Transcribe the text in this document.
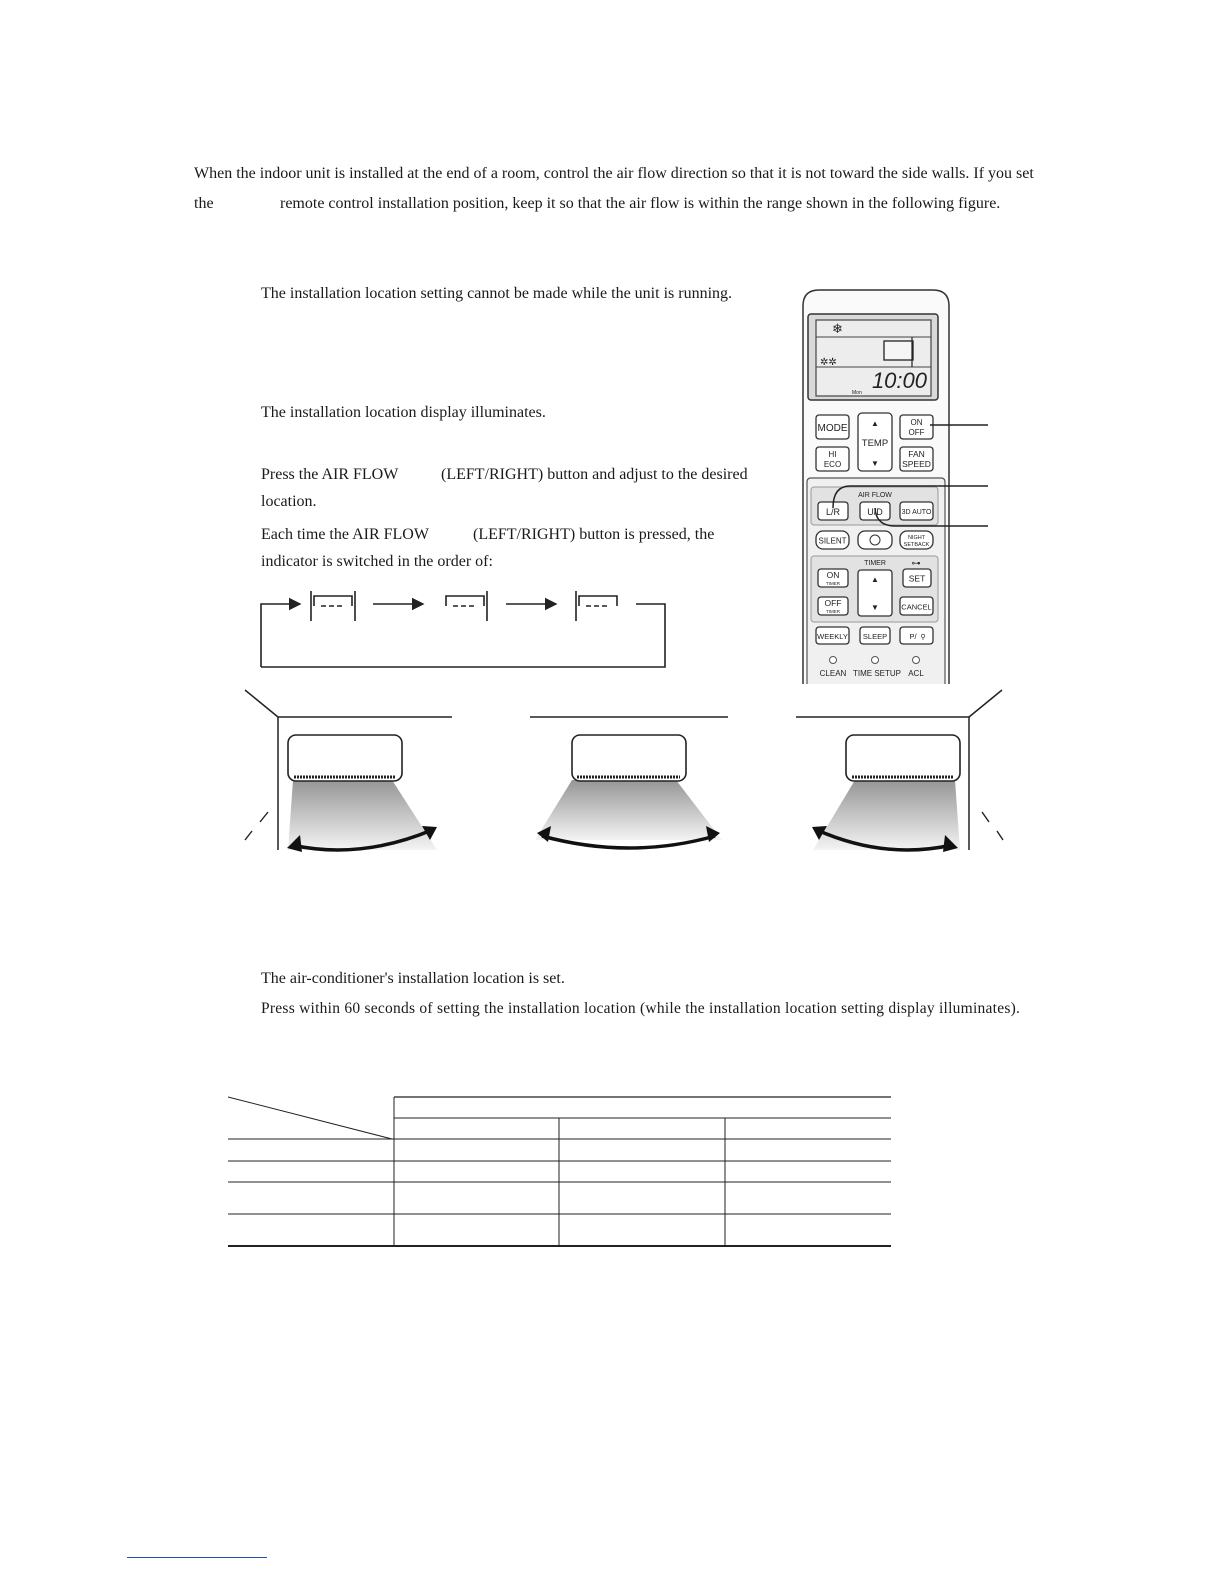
When the indoor unit is installed at the end of a room, control the air flow direction so that it is not toward the side walls. If you set
the	remote control installation position, keep it so that the air flow is within the range shown in the following figure.
The installation location setting cannot be made while the unit is running.
The installation location display illuminates.
Press the AIR FLOW	(LEFT/RIGHT) button and adjust to the desired
location.
Each time the AIR FLOW	(LEFT/RIGHT) button is pressed, the
indicator is switched in the order of:
The air-conditioner's installation location is set.
Press within 60 seconds of setting the installation location (while the installation location setting display illuminates).
❄
✲✲
10:00
Mon
MODE	▲
TEMP
▼
ON
OFF
HI
ECO
FAN
SPEED
AIR FLOW
L/R	U/D	3D AUTO
SILENT	NIGHT
SETBACK
TIMER	⊶
ON
TIMER	▲
▼
SET
OFF
TIMER	CANCEL
WEEKLY SLEEP	P/ ⚲
CLEAN TIME SETUP ACL
